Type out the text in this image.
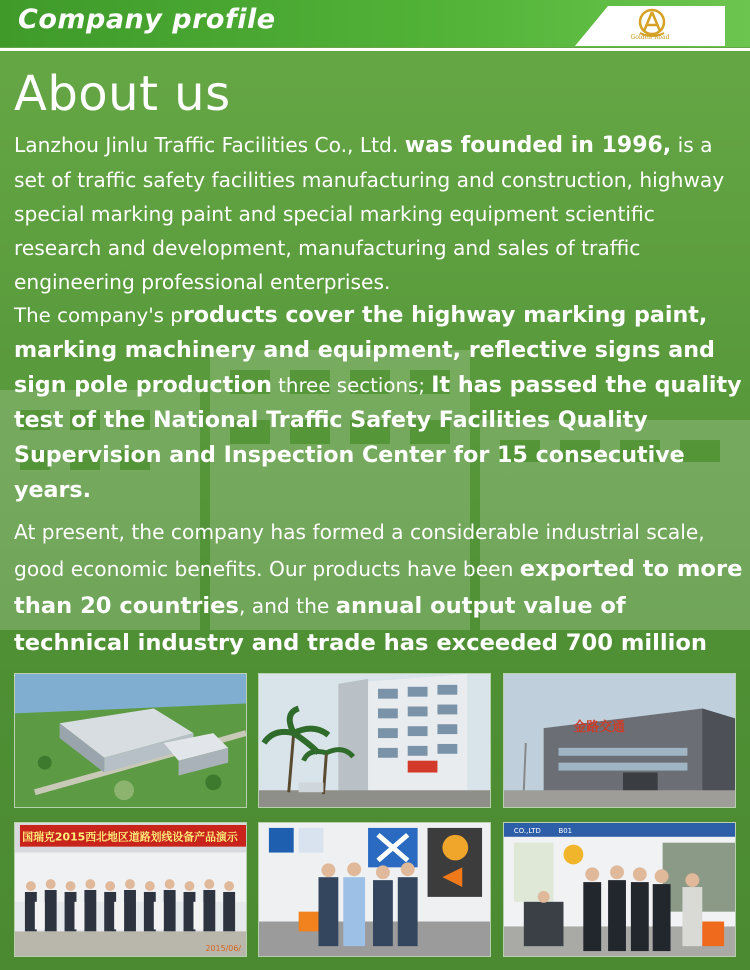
Company profile
Golden Road
About us

Lanzhou Jinlu Traffic Facilities Co., Ltd. was founded in 1996, is a set of traffic safety facilities manufacturing and construction, highway special marking paint and special marking equipment scientific research and development, manufacturing and sales of traffic engineering professional enterprises.

The company's products cover the highway marking paint, marking machinery and equipment, reflective signs and sign pole production three sections; It has passed the quality test of the National Traffic Safety Facilities Quality Supervision and Inspection Center for 15 consecutive years.

At present, the company has formed a considerable industrial scale, good economic benefits. Our products have been exported to more than 20 countries, and the annual output value of technical industry and trade has exceeded 700 million

金路交通
国瑞克2015西北地区道路划线设备产品演示
2015/06/
CO.,LTD	B01
